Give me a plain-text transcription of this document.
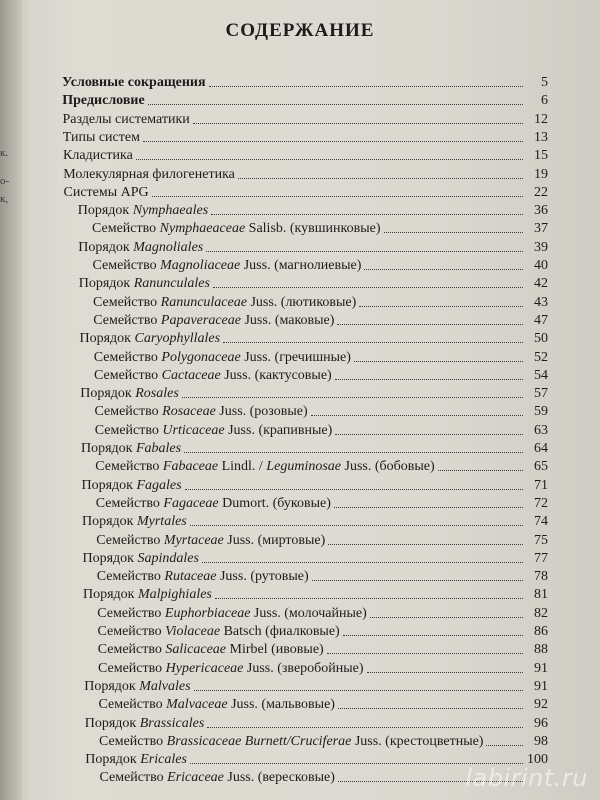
к.
о-
к,
СОДЕРЖАНИЕ
Условные сокращения	5
Предисловие	6
Разделы систематики	12
Типы систем	13
Кладистика	15
Молекулярная филогенетика	19
Системы APG	22
Порядок Nymphaeales	36
Семейство Nymphaeaceae Salisb. (кувшинковые)	37
Порядок Magnoliales	39
Семейство Magnoliaceae Juss. (магнолиевые)	40
Порядок Ranunculales	42
Семейство Ranunculaceae Juss. (лютиковые)	43
Семейство Papaveraceae Juss. (маковые)	47
Порядок Caryophyllales	50
Семейство Polygonaceae Juss. (гречишные)	52
Семейство Cactaceae Juss. (кактусовые)	54
Порядок Rosales	57
Семейство Rosaceae Juss. (розовые)	59
Семейство Urticaceae Juss. (крапивные)	63
Порядок Fabales	64
Семейство Fabaceae Lindl. / Leguminosae Juss. (бобовые)	65
Порядок Fagales	71
Семейство Fagaceae Dumort. (буковые)	72
Порядок Myrtales	74
Семейство Myrtaceae Juss. (миртовые)	75
Порядок Sapindales	77
Семейство Rutaceae Juss. (рутовые)	78
Порядок Malpighiales	81
Семейство Euphorbiaceae Juss. (молочайные)	82
Семейство Violaceae Batsch (фиалковые)	86
Семейство Salicaceae Mirbel (ивовые)	88
Семейство Hypericaceae Juss. (зверобойные)	91
Порядок Malvales	91
Семейство Malvaceae Juss. (мальвовые)	92
Порядок Brassicales	96
Семейство Brassicaceae Burnett/Cruciferae Juss. (крестоцветные)	98
Порядок Ericales	100
Семейство Ericaceae Juss. (вересковые)	labirint.ru
